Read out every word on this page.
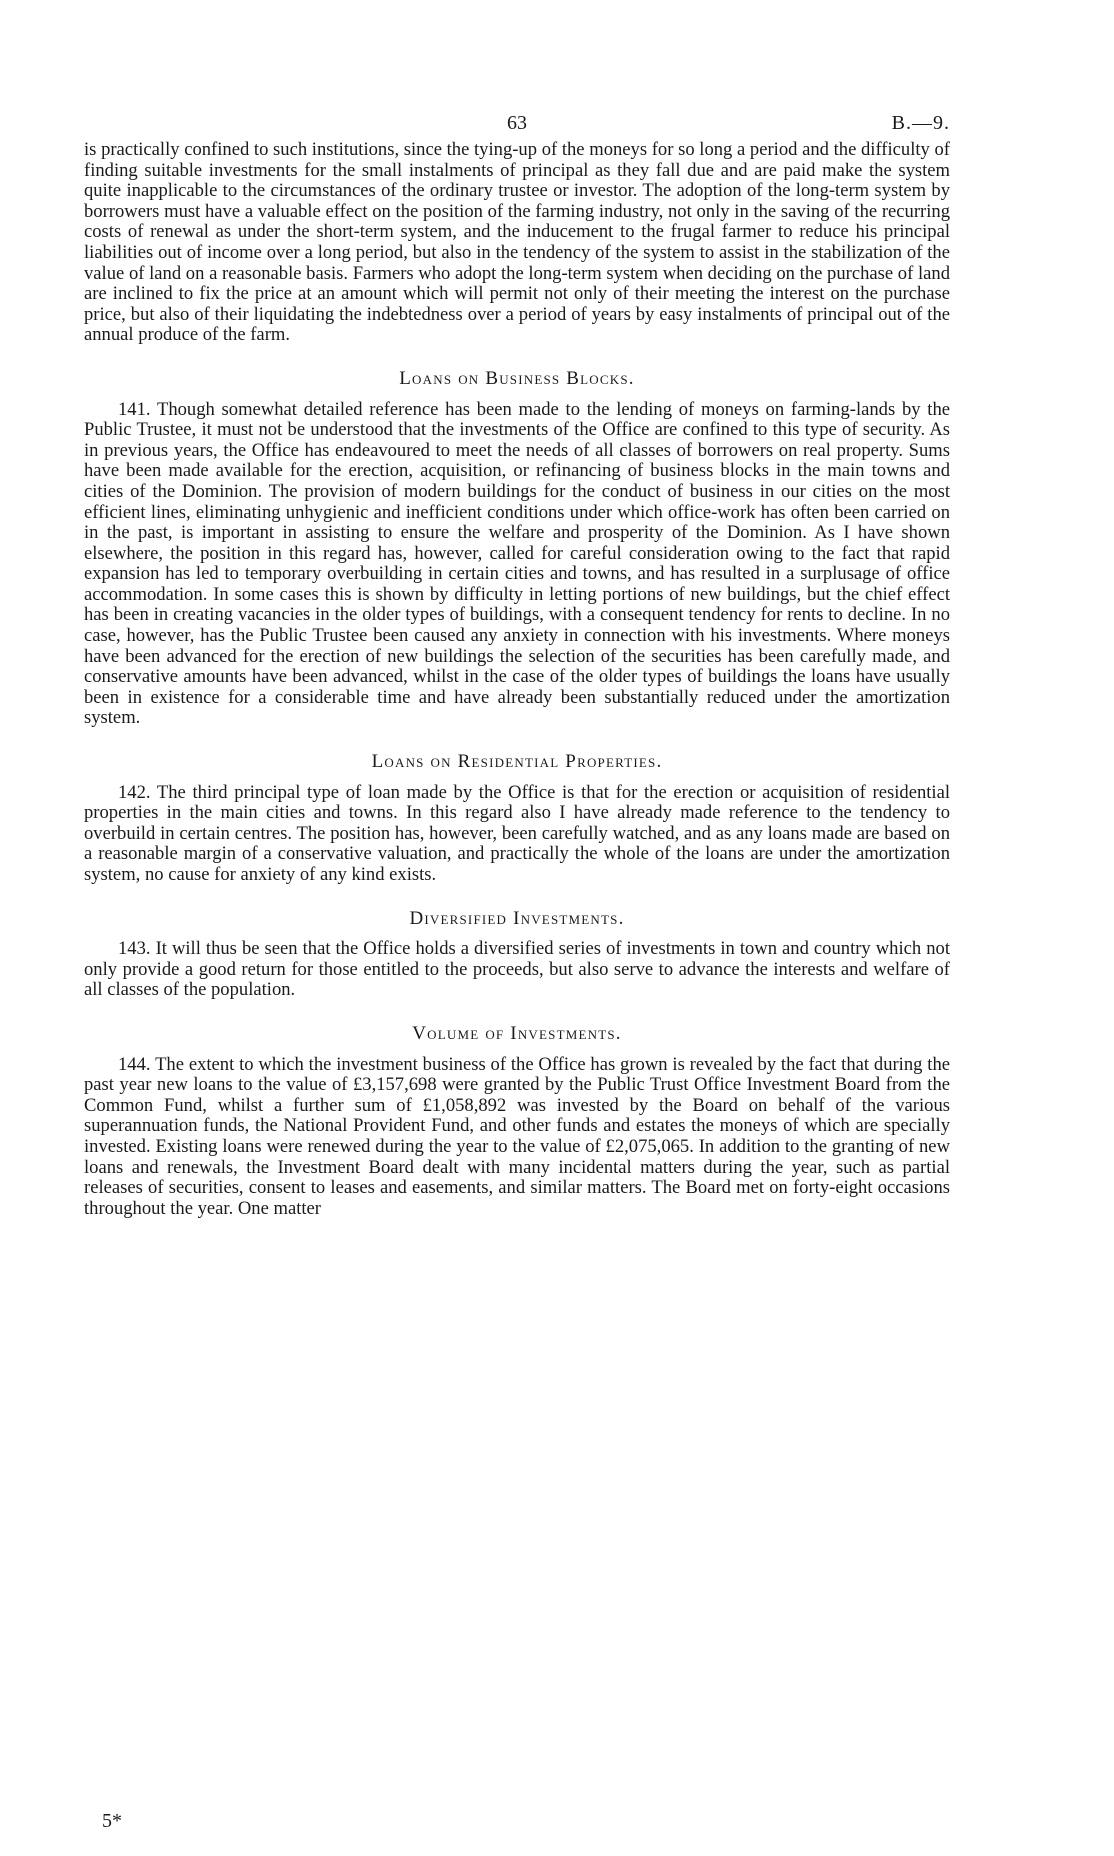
63	B.—9.

is practically confined to such institutions, since the tying-up of the moneys for so long a period and the difficulty of finding suitable investments for the small instalments of principal as they fall due and are paid make the system quite inapplicable to the circumstances of the ordinary trustee or investor. The adoption of the long-term system by borrowers must have a valuable effect on the position of the farming industry, not only in the saving of the recurring costs of renewal as under the short-term system, and the inducement to the frugal farmer to reduce his principal liabilities out of income over a long period, but also in the tendency of the system to assist in the stabilization of the value of land on a reasonable basis. Farmers who adopt the long-term system when deciding on the purchase of land are inclined to fix the price at an amount which will permit not only of their meeting the interest on the purchase price, but also of their liquidating the indebtedness over a period of years by easy instalments of principal out of the annual produce of the farm.

Loans on Business Blocks.

141. Though somewhat detailed reference has been made to the lending of moneys on farming-lands by the Public Trustee, it must not be understood that the investments of the Office are confined to this type of security. As in previous years, the Office has endeavoured to meet the needs of all classes of borrowers on real property. Sums have been made available for the erection, acquisition, or refinancing of business blocks in the main towns and cities of the Dominion. The provision of modern buildings for the conduct of business in our cities on the most efficient lines, eliminating unhygienic and inefficient conditions under which office-work has often been carried on in the past, is important in assisting to ensure the welfare and prosperity of the Dominion. As I have shown elsewhere, the position in this regard has, however, called for careful consideration owing to the fact that rapid expansion has led to temporary overbuilding in certain cities and towns, and has resulted in a surplusage of office accommodation. In some cases this is shown by difficulty in letting portions of new buildings, but the chief effect has been in creating vacancies in the older types of buildings, with a consequent tendency for rents to decline. In no case, however, has the Public Trustee been caused any anxiety in connection with his investments. Where moneys have been advanced for the erection of new buildings the selection of the securities has been carefully made, and conservative amounts have been advanced, whilst in the case of the older types of buildings the loans have usually been in existence for a considerable time and have already been substantially reduced under the amortization system.

Loans on Residential Properties.

142. The third principal type of loan made by the Office is that for the erection or acquisition of residential properties in the main cities and towns. In this regard also I have already made reference to the tendency to overbuild in certain centres. The position has, however, been carefully watched, and as any loans made are based on a reasonable margin of a conservative valuation, and practically the whole of the loans are under the amortization system, no cause for anxiety of any kind exists.

Diversified Investments.

143. It will thus be seen that the Office holds a diversified series of investments in town and country which not only provide a good return for those entitled to the proceeds, but also serve to advance the interests and welfare of all classes of the population.

Volume of Investments.

144. The extent to which the investment business of the Office has grown is revealed by the fact that during the past year new loans to the value of £3,157,698 were granted by the Public Trust Office Investment Board from the Common Fund, whilst a further sum of £1,058,892 was invested by the Board on behalf of the various superannuation funds, the National Provident Fund, and other funds and estates the moneys of which are specially invested. Existing loans were renewed during the year to the value of £2,075,065. In addition to the granting of new loans and renewals, the Investment Board dealt with many incidental matters during the year, such as partial releases of securities, consent to leases and easements, and similar matters. The Board met on forty-eight occasions throughout the year. One matter

5*
